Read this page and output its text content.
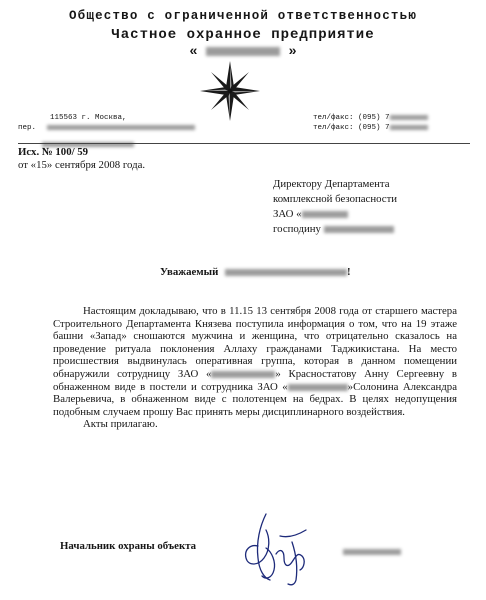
Общество с ограниченной ответственностью
Частное охранное предприятие
«	»
115563 г. Москва,
пер.
тел/факс: (095) 7
тел/факс: (095) 7
Исх. № 100/ 59
от «15» сентября 2008 года.
Директору Департамента
комплексной безопасности
ЗАО «
господину
Уважаемый	!

Настоящим докладываю, что в 11.15 13 сентября 2008 года от старшего мастера Строительного Департамента Князева поступила информация о том, что на 19 этаже башни «Запад» сношаются мужчина и женщина, что отрицательно сказалось на проведение ритуала поклонения Аллаху гражданами Таджикистана. На место происшествия выдвинулась оперативная группа, которая в данном помещении обнаружили сотрудницу ЗАО «	» Красностатову Анну Сергеевну в обнаженном виде в постели и сотрудника ЗАО «	»Солонина Александра Валерьевича, в обнаженном виде с полотенцем на бедрах. В целях недопущения подобным случаем прошу Вас принять меры дисциплинарного воздействия.

Акты прилагаю.

Начальник охраны объекта
